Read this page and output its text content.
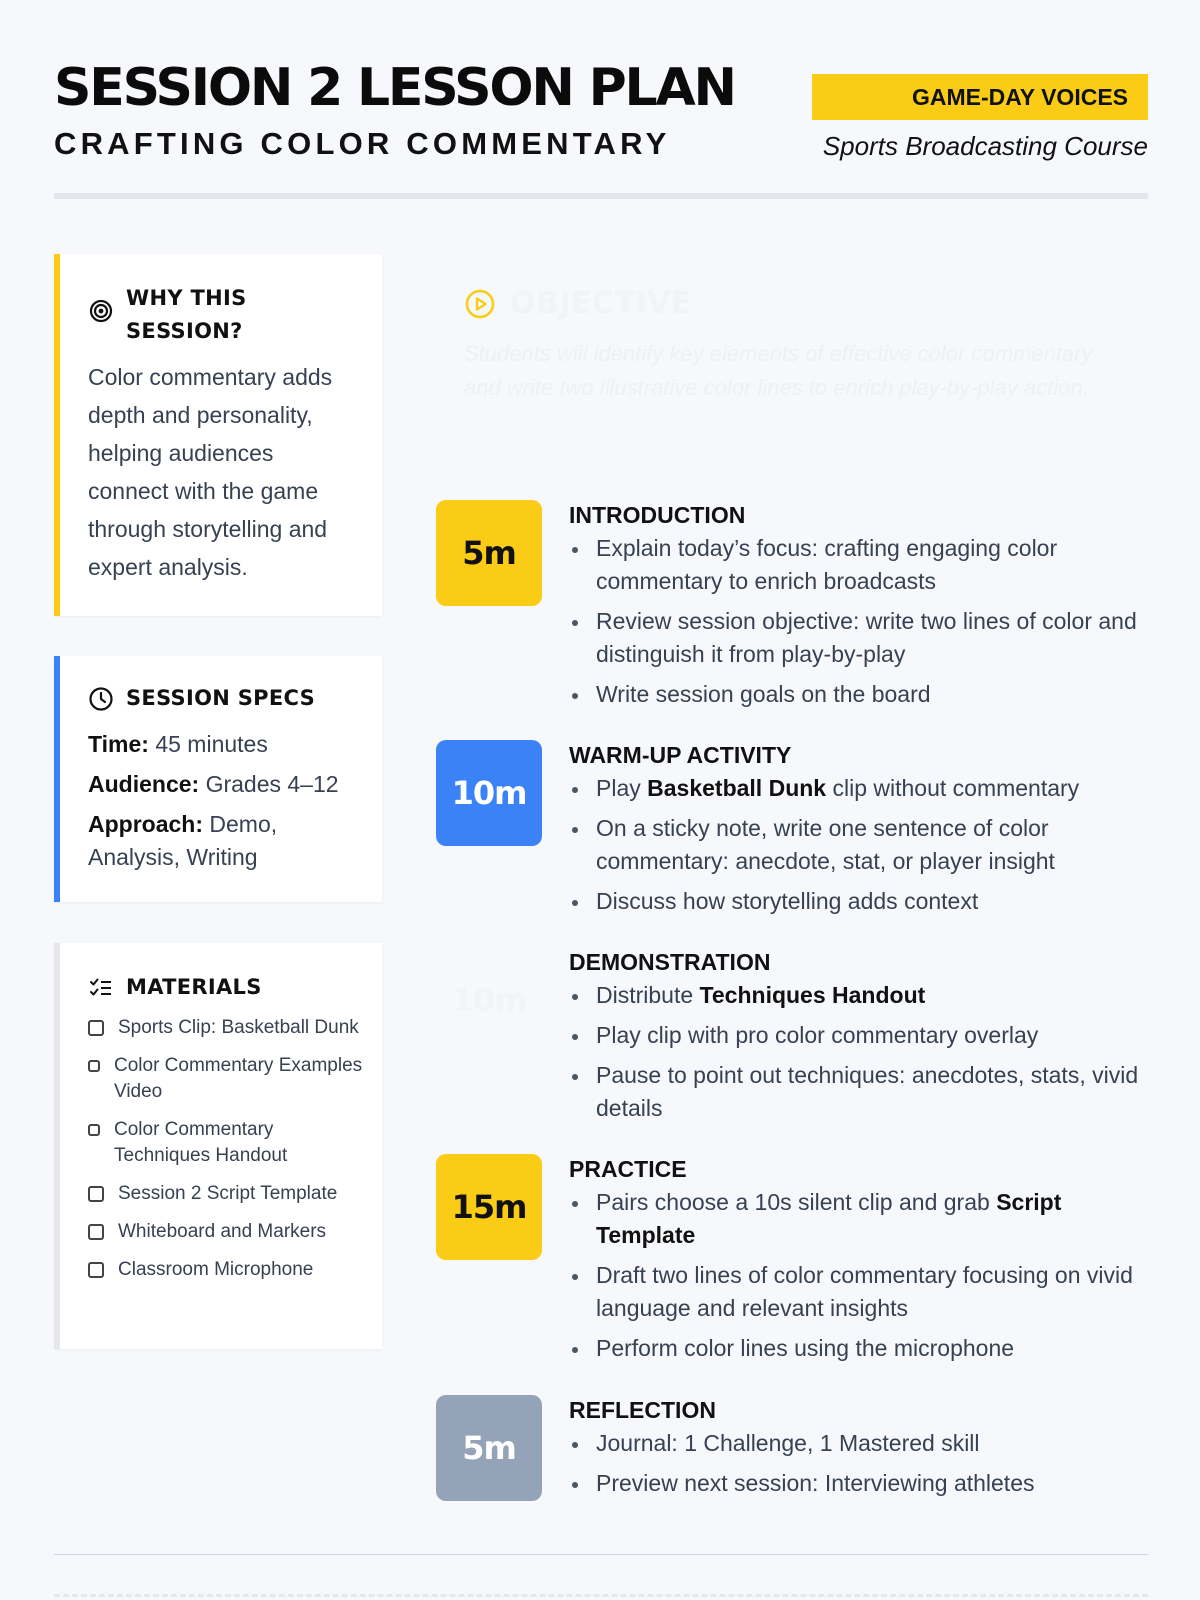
SESSION 2 LESSON PLAN
CRAFTING COLOR COMMENTARY
GAME-DAY VOICES
Sports Broadcasting Course
WHY THIS SESSION?
Color commentary adds depth and personality, helping audiences connect with the game through storytelling and expert analysis.
SESSION SPECS
Time: 45 minutes
Audience: Grades 4–12
Approach: Demo, Analysis, Writing
MATERIALS
Sports Clip: Basketball Dunk
Color Commentary Examples Video
Color Commentary Techniques Handout
Session 2 Script Template
Whiteboard and Markers
Classroom Microphone
OBJECTIVE
Students will identify key elements of effective color commentary and write two illustrative color lines to enrich play-by-play action.
5m
INTRODUCTION
Explain today’s focus: crafting engaging color commentary to enrich broadcasts
Review session objective: write two lines of color and distinguish it from play-by-play
Write session goals on the board
10m
WARM-UP ACTIVITY
Play Basketball Dunk clip without commentary
On a sticky note, write one sentence of color commentary: anecdote, stat, or player insight
Discuss how storytelling adds context
10m
DEMONSTRATION
Distribute Techniques Handout
Play clip with pro color commentary overlay
Pause to point out techniques: anecdotes, stats, vivid details
15m
PRACTICE
Pairs choose a 10s silent clip and grab Script Template
Draft two lines of color commentary focusing on vivid language and relevant insights
Perform color lines using the microphone
5m
REFLECTION
Journal: 1 Challenge, 1 Mastered skill
Preview next session: Interviewing athletes
